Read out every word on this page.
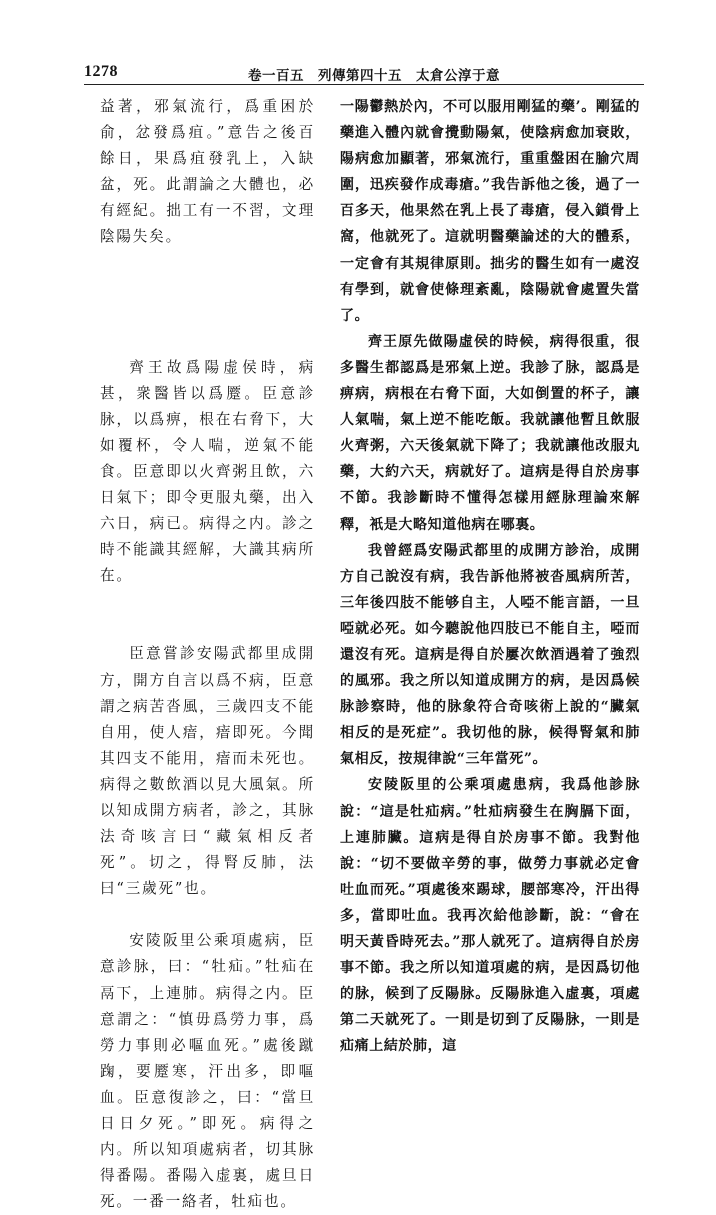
1278	卷一百五　列傳第四十五　太倉公淳于意

益著，邪氣流行，爲重困於俞，忿發爲疽。”意告之後百餘日，果爲疽發乳上，入缺盆，死。此謂論之大體也，必有經紀。拙工有一不習，文理陰陽失矣。

齊王故爲陽虚侯時，病甚，衆醫皆以爲蹷。臣意診脉，以爲痹，根在右脅下，大如覆杯，令人喘，逆氣不能食。臣意即以火齊粥且飲，六日氣下；即令更服丸藥，出入六日，病已。病得之内。診之時不能識其經解，大識其病所在。

臣意嘗診安陽武都里成開方，開方自言以爲不病，臣意謂之病苦沓風，三歲四支不能自用，使人瘖，瘖即死。今聞其四支不能用，瘖而未死也。病得之數飲酒以見大風氣。所以知成開方病者，診之，其脉法奇咳言曰“藏氣相反者死”。切之，得腎反肺，法曰“三歲死”也。

安陵阪里公乘項處病，臣意診脉，曰：“牡疝。”牡疝在鬲下，上連肺。病得之内。臣意謂之：“慎毋爲勞力事，爲勞力事則必嘔血死。”處後蹴踘，要蹷寒，汗出多，即嘔血。臣意復診之，曰：“當旦日日夕死。”即死。病得之内。所以知項處病者，切其脉得番陽。番陽入虚裏，處旦日死。一番一絡者，牡疝也。

一陽鬱熱於內，不可以服用剛猛的藥’。剛猛的藥進入體內就會攪動陽氣，使陰病愈加衰敗，陽病愈加顯著，邪氣流行，重重盤困在腧穴周圍，迅疾發作成毒瘡。”我告訴他之後，過了一百多天，他果然在乳上長了毒瘡，侵入鎖骨上窩，他就死了。這就明醫藥論述的大的體系，一定會有其規律原則。拙劣的醫生如有一處沒有學到，就會使條理紊亂，陰陽就會處置失當了。

齊王原先做陽虛侯的時候，病得很重，很多醫生都認爲是邪氣上逆。我診了脉，認爲是痹病，病根在右脅下面，大如倒置的杯子，讓人氣喘，氣上逆不能吃飯。我就讓他暫且飲服火齊粥，六天後氣就下降了；我就讓他改服丸藥，大約六天，病就好了。這病是得自於房事不節。我診斷時不懂得怎樣用經脉理論來解釋，衹是大略知道他病在哪裏。

我曾經爲安陽武都里的成開方診治，成開方自己說沒有病，我告訴他將被沓風病所苦，三年後四肢不能够自主，人啞不能言語，一旦啞就必死。如今聽說他四肢已不能自主，啞而還沒有死。這病是得自於屢次飲酒遇着了強烈的風邪。我之所以知道成開方的病，是因爲候脉診察時，他的脉象符合奇咳術上說的“臟氣相反的是死症”。我切他的脉，候得腎氣和肺氣相反，按規律說“三年當死”。

安陵阪里的公乘項處患病，我爲他診脉說：“這是牡疝病。”牡疝病發生在胸膈下面，上連肺臟。這病是得自於房事不節。我對他說：“切不要做辛勞的事，做勞力事就必定會吐血而死。”項處後來踢球，腰部寒冷，汗出得多，當即吐血。我再次給他診斷，說：“會在明天黃昏時死去。”那人就死了。這病得自於房事不節。我之所以知道項處的病，是因爲切他的脉，候到了反陽脉。反陽脉進入虛裏，項處第二天就死了。一則是切到了反陽脉，一則是疝痛上結於肺，這
